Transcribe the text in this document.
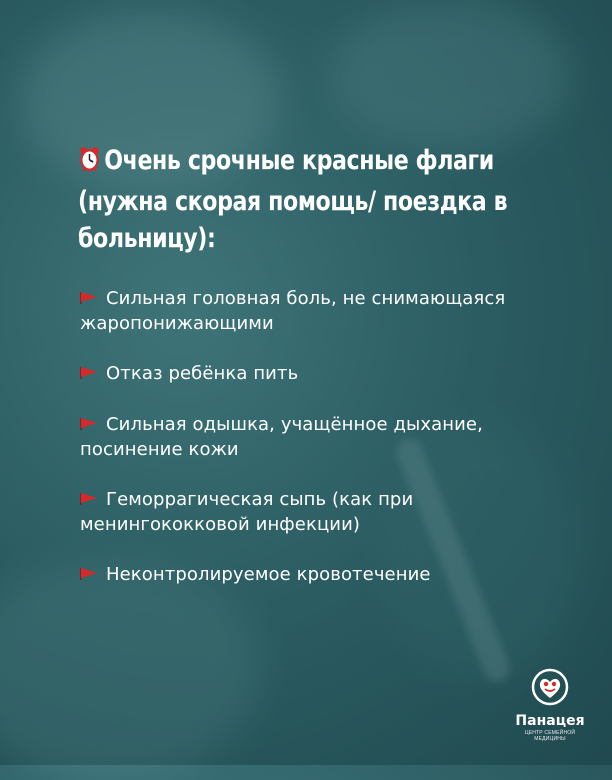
Очень срочные красные флаги (нужна скорая помощь/ поездка в больницу):

Сильная головная боль, не снимающаяся жаропонижающими

Отказ ребёнка пить

Сильная одышка, учащённое дыхание, посинение кожи

Геморрагическая сыпь (как при менингококковой инфекции)

Неконтролируемое кровотечение

Панацея
ЦЕНТР СЕМЕЙНОЙ МЕДИЦИНЫ
